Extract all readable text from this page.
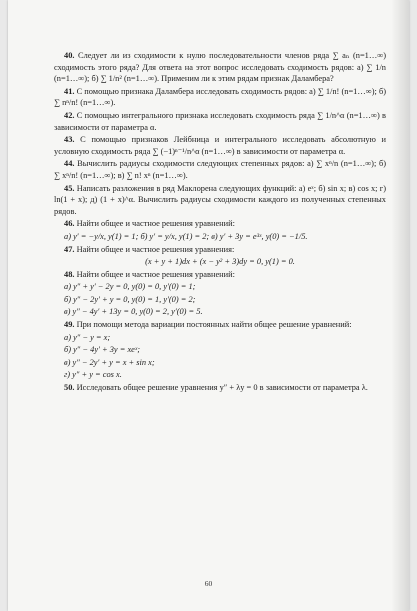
40. Следует ли из сходимости к нулю последовательности членов ряда ∑ aₙ (n=1…∞) сходимость этого ряда? Для ответа на этот вопрос исследовать сходимость рядов: а) ∑ 1/n (n=1…∞); б) ∑ 1/n² (n=1…∞). Применим ли к этим рядам признак Даламбера?

41. С помощью признака Даламбера исследовать сходимость рядов: а) ∑ 1/n! (n=1…∞); б) ∑ nⁿ/n! (n=1…∞).

42. С помощью интегрального признака исследовать сходимость ряда ∑ 1/n^α (n=1…∞) в зависимости от параметра α.

43. С помощью признаков Лейбница и интегрального исследовать абсолютную и условную сходимость ряда ∑ (−1)ⁿ⁻¹/n^α (n=1…∞) в зависимости от параметра α.

44. Вычислить радиусы сходимости следующих степенных рядов: а) ∑ xⁿ/n (n=1…∞); б) ∑ xⁿ/n! (n=1…∞); в) ∑ n! xⁿ (n=1…∞).

45. Написать разложения в ряд Маклорена следующих функций: а) eˣ; б) sin x; в) cos x; г) ln(1 + x); д) (1 + x)^α. Вычислить радиусы сходимости каждого из полученных степенных рядов.

46. Найти общее и частное решения уравнений:

а) y′ = −y/x, y(1) = 1; б) y′ = y/x, y(1) = 2; в) y′ + 3y = e³ˣ, y(0) = −1/5.

47. Найти общее и частное решения уравнения:

(x + y + 1)dx + (x − y² + 3)dy = 0, y(1) = 0.

48. Найти общее и частное решения уравнений:

а) y″ + y′ − 2y = 0, y(0) = 0, y′(0) = 1;

б) y″ − 2y′ + y = 0, y(0) = 1, y′(0) = 2;

в) y″ − 4y′ + 13y = 0, y(0) = 2, y′(0) = 5.

49. При помощи метода вариации постоянных найти общее решение уравнений:

а) y″ − y = x;

б) y″ − 4y′ + 3y = xeˣ;

в) y″ − 2y′ + y = x + sin x;

г) y″ + y = cos x.

50. Исследовать общее решение уравнения y″ + λy = 0 в зависимости от параметра λ.

60
